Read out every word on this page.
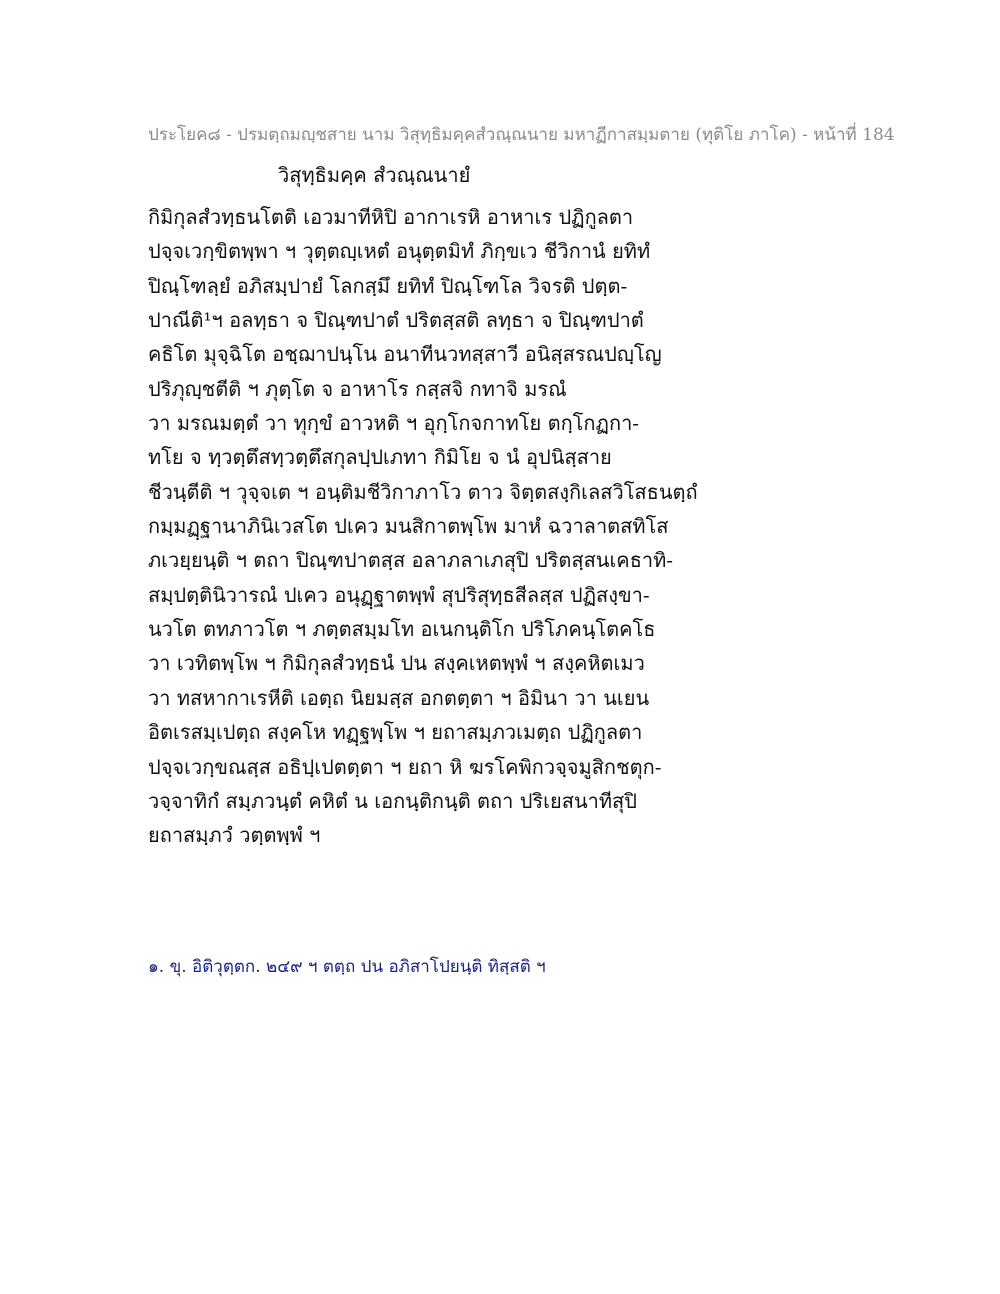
ประโยค๘ - ปรมตฺถมญฺชสาย นาม วิสุทฺธิมคฺคสํวณฺณนาย มหาฏีกาสมฺมตาย (ทุติโย ภาโค) - หน้าที่ 184
วิสุทฺธิมคฺค สํวณฺณนายํ
กิมิกุลสํวทฺธนโตติ เอวมาทีหิปิ อากาเรหิ อาหาเร ปฏิกูลตา
ปจฺจเวกฺขิตพฺพา ฯ วุตฺตญฺเหตํ อนุตฺตมิทํ ภิกฺขเว ชีวิกานํ ยทิทํ
ปิณฺโฑลฺยํ อภิสมฺปายํ โลกสฺมึ ยทิทํ ปิณฺโฑโล วิจรติ ปตฺต-
ปาณีติ¹ฯ อลทฺธา จ ปิณฺฑปาตํ ปริตสฺสติ ลทฺธา จ ปิณฺฑปาตํ
คธิโต มุจฺฉิโต อชฺฌาปนฺโน อนาทีนวทสฺสาวี อนิสฺสรณปญฺโญ
ปริภุญฺชตีติ ฯ ภุตฺโต จ อาหาโร กสฺสจิ กทาจิ มรณํ
วา มรณมตฺตํ วา ทุกฺขํ อาวหติ ฯ อุกฺโกจกาทโย ตกฺโกฏกา-
ทโย จ ทฺวตฺตึสทฺวตฺตึสกุลปฺปเภทา กิมิโย จ นํ อุปนิสฺสาย
ชีวนฺตีติ ฯ วุจฺจเต ฯ อนฺติมชีวิกาภาโว ตาว จิตฺตสงฺกิเลสวิโสธนตฺถํ
กมฺมฏฺฐานาภินิเวสโต ปเคว มนสิกาตพฺโพ มาหํ ฉวาลาตสทิโส
ภเวยฺยนฺติ ฯ ตถา ปิณฺฑปาตสฺส อลาภลาเภสุปิ ปริตสฺสนเคธาทิ-
สมฺปตฺตินิวารณํ ปเคว อนุฏฺฐาตพฺพํ สุปริสุทฺธสีลสฺส ปฏิสงฺขา-
นวโต ตทภาวโต ฯ ภตฺตสมฺมโท อเนกนฺติโก ปริโภคนฺโตคโธ
วา เวทิตพฺโพ ฯ กิมิกุลสํวทฺธนํ ปน สงฺคเหตพฺพํ ฯ สงฺคหิตเมว
วา ทสหากาเรหีติ เอตฺถ นิยมสฺส อกตตฺตา ฯ อิมินา วา นเยน
อิตเรสมฺเปตฺถ สงฺคโห ทฏฺฐพฺโพ ฯ ยถาสมฺภวเมตฺถ ปฏิกูลตา
ปจฺจเวกฺขณสฺส อธิปฺเปตตฺตา ฯ ยถา หิ ฆรโคพิกวจฺจมูสิกชตุก-
วจฺจาทิกํ สมฺภวนฺตํ คหิตํ น เอกนฺติกนฺติ ตถา ปริเยสนาทีสุปิ
ยถาสมฺภวํ วตฺตพฺพํ ฯ
๑. ขุ. อิติวุตฺตก. ๒๔๙ ฯ ตตฺถ ปน อภิสาโปยนฺติ ทิสฺสติ ฯ
